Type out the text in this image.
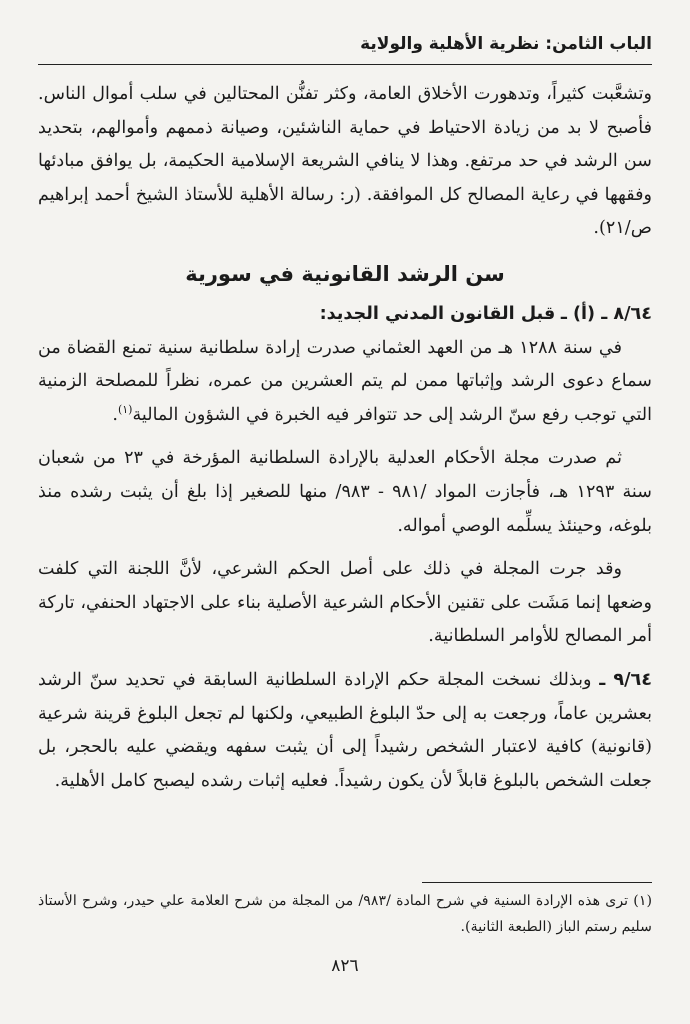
الباب الثامن: نظرية الأهلية والولاية

وتشعَّبت كثيراً، وتدهورت الأخلاق العامة، وكثر تفنُّن المحتالين في سلب أموال الناس. فأصبح لا بد من زيادة الاحتياط في حماية الناشئين، وصيانة ذممهم وأموالهم، بتحديد سن الرشد في حد مرتفع. وهذا لا ينافي الشريعة الإسلامية الحكيمة، بل يوافق مبادئها وفقهها في رعاية المصالح كل الموافقة. (ر: رسالة الأهلية للأستاذ الشيخ أحمد إبراهيم ص/٢١).

سن الرشد القانونية في سورية

٨/٦٤ ـ (أ) ـ قبل القانون المدني الجديد:

في سنة ١٢٨٨ هـ من العهد العثماني صدرت إرادة سلطانية سنية تمنع القضاة من سماع دعوى الرشد وإثباتها ممن لم يتم العشرين من عمره، نظراً للمصلحة الزمنية التي توجب رفع سنّ الرشد إلى حد تتوافر فيه الخبرة في الشؤون المالية$^{(١)}$.

ثم صدرت مجلة الأحكام العدلية بالإرادة السلطانية المؤرخة في ٢٣ من شعبان سنة ١٢٩٣ هـ، فأجازت المواد /٩٨١ - ٩٨٣/ منها للصغير إذا بلغ أن يثبت رشده منذ بلوغه، وحينئذ يسلِّمه الوصي أمواله.

وقد جرت المجلة في ذلك على أصل الحكم الشرعي، لأنَّ اللجنة التي كلفت وضعها إنما مَشَت على تقنين الأحكام الشرعية الأصلية بناء على الاجتهاد الحنفي، تاركة أمر المصالح للأوامر السلطانية.

٩/٦٤ ـ وبذلك نسخت المجلة حكم الإرادة السلطانية السابقة في تحديد سنّ الرشد بعشرين عاماً، ورجعت به إلى حدّ البلوغ الطبيعي، ولكنها لم تجعل البلوغ قرينة شرعية (قانونية) كافية لاعتبار الشخص رشيداً إلى أن يثبت سفهه ويقضي عليه بالحجر، بل جعلت الشخص بالبلوغ قابلاً لأن يكون رشيداً. فعليه إثبات رشده ليصبح كامل الأهلية.

(١) ترى هذه الإرادة السنية في شرح المادة /٩٨٣/ من المجلة من شرح العلامة علي حيدر، وشرح الأستاذ سليم رستم الباز (الطبعة الثانية).

٨٢٦
